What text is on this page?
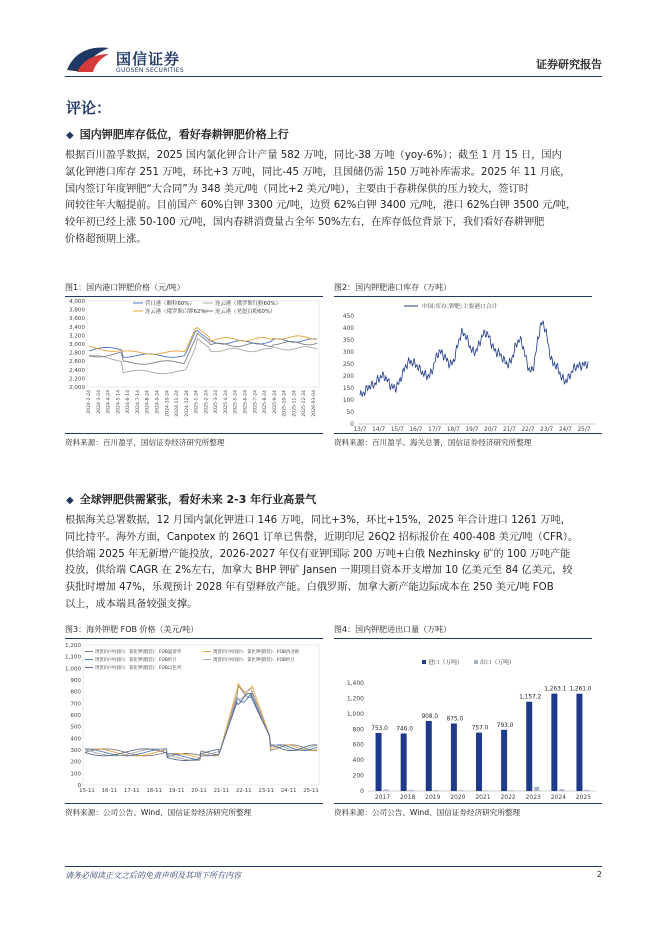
国信证券
GUOSEN SECURITIES	证券研究报告
评论：
◆ 国内钾肥库存低位，看好春耕钾肥价格上行

根据百川盈孚数据，2025 国内氯化钾合计产量 582 万吨，同比-38 万吨（yoy-6%）；截至 1 月 15 日，国内

氯化钾港口库存 251 万吨，环比+3 万吨，同比-45 万吨，且国储仍需 150 万吨补库需求。2025 年 11 月底，

国内签订年度钾肥“大合同”为 348 美元/吨（同比+2 美元/吨），主要由于春耕保供的压力较大，签订时

间较往年大幅提前。目前国产 60%白钾 3300 元/吨，边贸 62%白钾 3400 元/吨，港口 62%白钾 3500 元/吨，

较年初已经上涨 50-100 元/吨，国内春耕消费量占全年 50%左右，在库存低位背景下，我们看好春耕钾肥

价格超预期上涨。

图1：国内港口钾肥价格（元/吨）
4,000
3,800
3,600
3,400
3,200
3,000
2,800
2,600
2,400
2,200
2,000
营口港（颗粒60%）	连云港（俄罗斯红粉60%）
连云港（俄罗斯白钾62%） 连云港（老挝白粉60%）
2024-2-24 2024-3-24 2024-4-24 2024-5-14 2024-6-14 2024-7-14 2024-8-24 2024-9-24 2024-10-24 2024-11-24 2024-12-24 2025-1-24 2025-2-24 2025-3-24 2025-4-24 2025-5-24 2025-6-24 2025-7-24 2025-8-24 2025-9-24 2025-10-24 2025-11-24 2025-12-24 2026-01-04
资料来源：百川盈孚，国信证券经济研究所整理
图2：国内钾肥港口库存（万吨）
450
400
350
300
250
200
150
100
50
0
中国:库存:钾肥:主要港口合计
13/7 14/7 15/7 16/7 17/7 18/7 19/7 20/7 21/7 22/7 23/7 24/7 25/7
资料来源：百川盈孚、海关总署，国信证券经济研究所整理
◆ 全球钾肥供需紧张，看好未来 2-3 年行业高景气

根据海关总署数据，12 月国内氯化钾进口 146 万吨，同比+3%，环比+15%，2025 年合计进口 1261 万吨，

同比持平。海外方面，Canpotex 的 26Q1 订单已售罄，近期印尼 26Q2 招标报价在 400-408 美元/吨（CFR）。

供给端 2025 年无新增产能投放，2026-2027 年仅有亚钾国际 200 万吨+白俄 Nezhinsky 矿的 100 万吨产能

投放，供给端 CAGR 在 2%左右，加拿大 BHP 钾矿 Jansen 一期项目资本开支增加 10 亿美元至 84 亿美元，较

获批时增加 47%，乐观预计 2028 年有望释放产能。白俄罗斯、加拿大新产能边际成本在 250 美元/吨 FOB

以上，成本端具备较强支撑。

图3：海外钾肥 FOB 价格（美元/吨）
1,200
1,100
1,000
900
800
700
600
500
400
300
200
100
0
现货价(中间价)：氯化钾(散装)：FOB温哥华	现货价(中间价)：氯化钾(散装)：FOB西北欧
现货价(中间价)：氯化钾(散装)：FOB约旦	现货价(中间价)：氯化钾(散装)：FOB约旦
现货价(中间价)：氯化钾(散装)：FOB以色列
15-11 16-11 17-11 18-11 19-11 20-11 21-11 22-11 23-11 24-11 25-11
资料来源：公司公告、Wind、国信证券经济研究所整理
图4：国内钾肥进出口量（万吨）
进口（万吨）	出口（万吨）
1,400
1,200
1,000
800
600
400
200
0
753.0 746.0
908.0 875.0
757.0 793.0
1,157.2
1,263.1 1,261.0
2017 2018 2019 2020 2021 2022 2023 2024 2025
资料来源：公司公告、Wind、国信证券经济研究所整理
请务必阅读正文之后的免责声明及其项下所有内容	2
